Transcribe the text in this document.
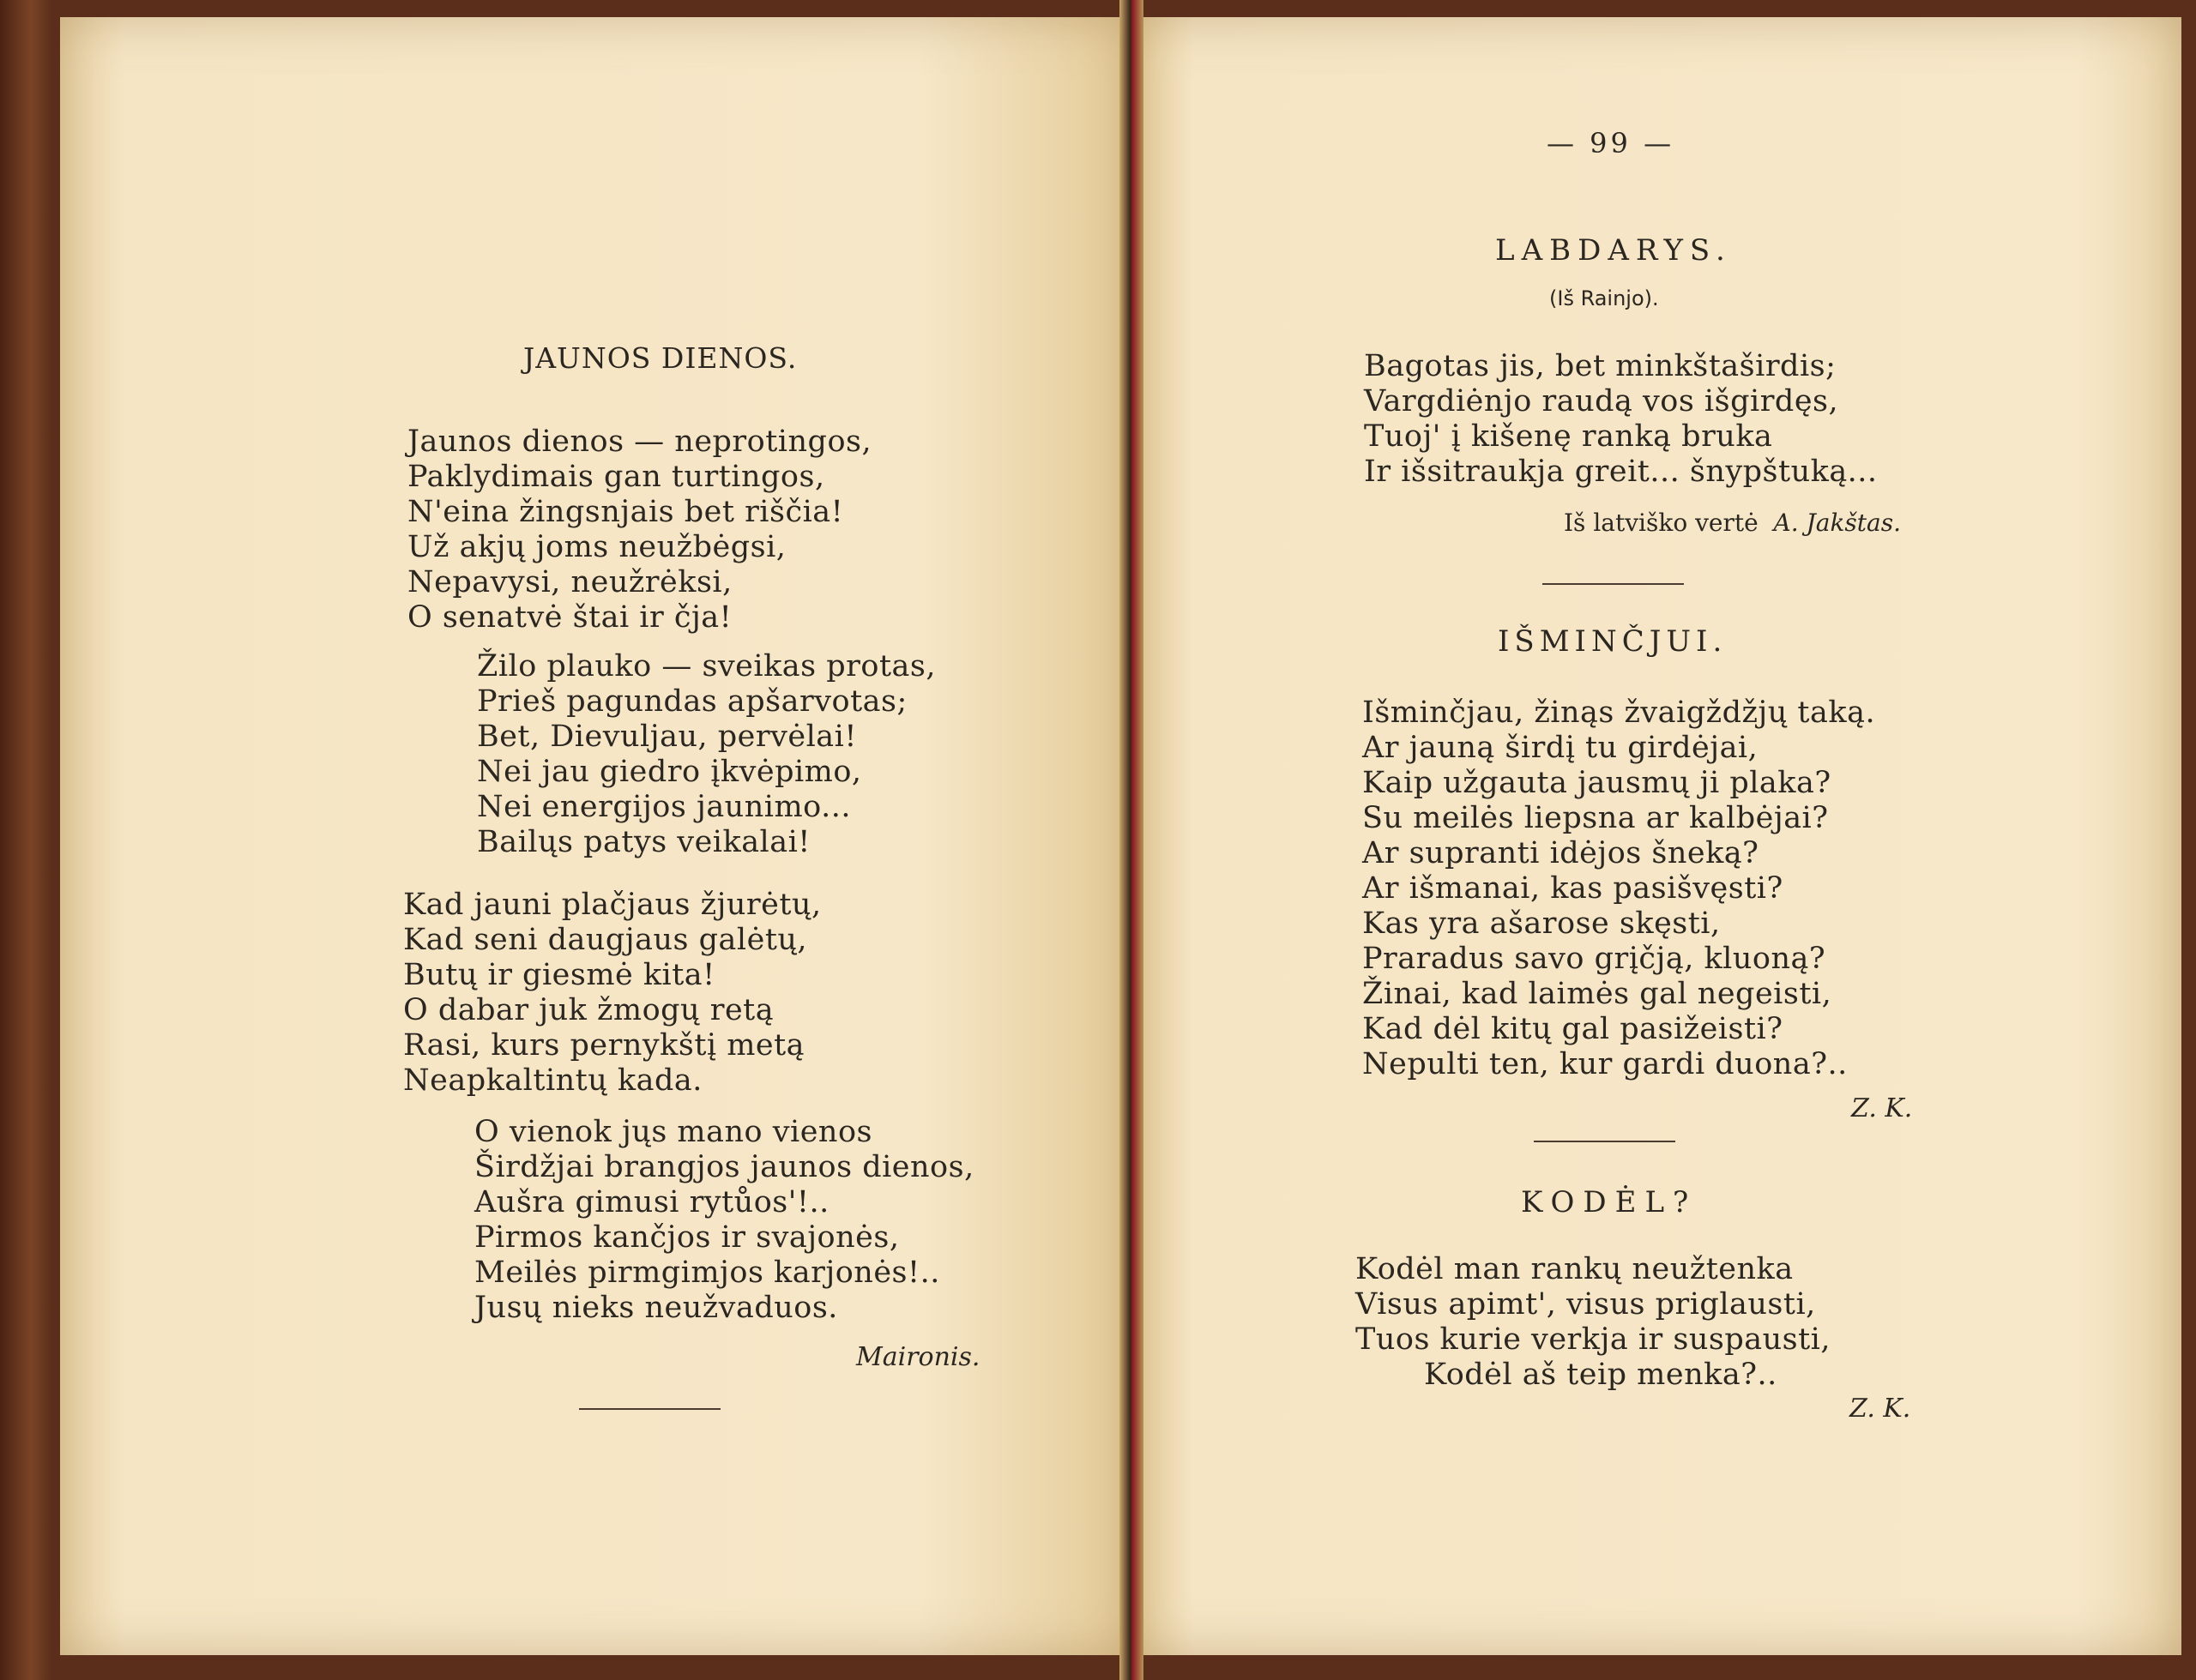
JAUNOS DIENOS.
Jaunos dienos — neprotingos,
Paklydimais gan turtingos,
N'eina žingsnjais bet riščia!
Už akjų joms neužbėgsi,
Nepavysi, neužrėksi,
O senatvė štai ir čja!
Žilo plauko — sveikas protas,
Prieš pagundas apšarvotas;
Bet, Dievuljau, pervėlai!
Nei jau giedro įkvėpimo,
Nei energijos jaunimo...
Bailųs patys veikalai!
Kad jauni plačjaus žjurėtų,
Kad seni daugjaus galėtų,
Butų ir giesmė kita!
O dabar juk žmogų retą
Rasi, kurs pernykštį metą
Neapkaltintų kada.
O vienok jųs mano vienos
Širdžjai brangjos jaunos dienos,
Aušra gimusi rytůos'!..
Pirmos kančjos ir svajonės,
Meilės pirmgimjos karjonės!..
Jusų nieks neužvaduos.
Maironis.
— 99 —
LABDARYS.
(Iš Rainjo).
Bagotas jis, bet minkštaširdis;
Vargdiėnjo raudą vos išgirdęs,
Tuoj' į kišenę ranką bruka
Ir išsitraukja greit... šnypštuką...
Iš latviško vertė A. Jakštas.
IŠMINČJUI.
Išminčjau, žinąs žvaigždžjų taką.
Ar jauną širdį tu girdėjai,
Kaip užgauta jausmų ji plaka?
Su meilės liepsna ar kalbėjai?
Ar supranti idėjos šneką?
Ar išmanai, kas pasišvęsti?
Kas yra ašarose skęsti,
Praradus savo grįčją, kluoną?
Žinai, kad laimės gal negeisti,
Kad dėl kitų gal pasižeisti?
Nepulti ten, kur gardi duona?..
Z. K.
KODĖL?
Kodėl man rankų neužtenka
Visus apimt', visus priglausti,
Tuos kurie verkja ir suspausti,
Kodėl aš teip menka?..
Z. K.
